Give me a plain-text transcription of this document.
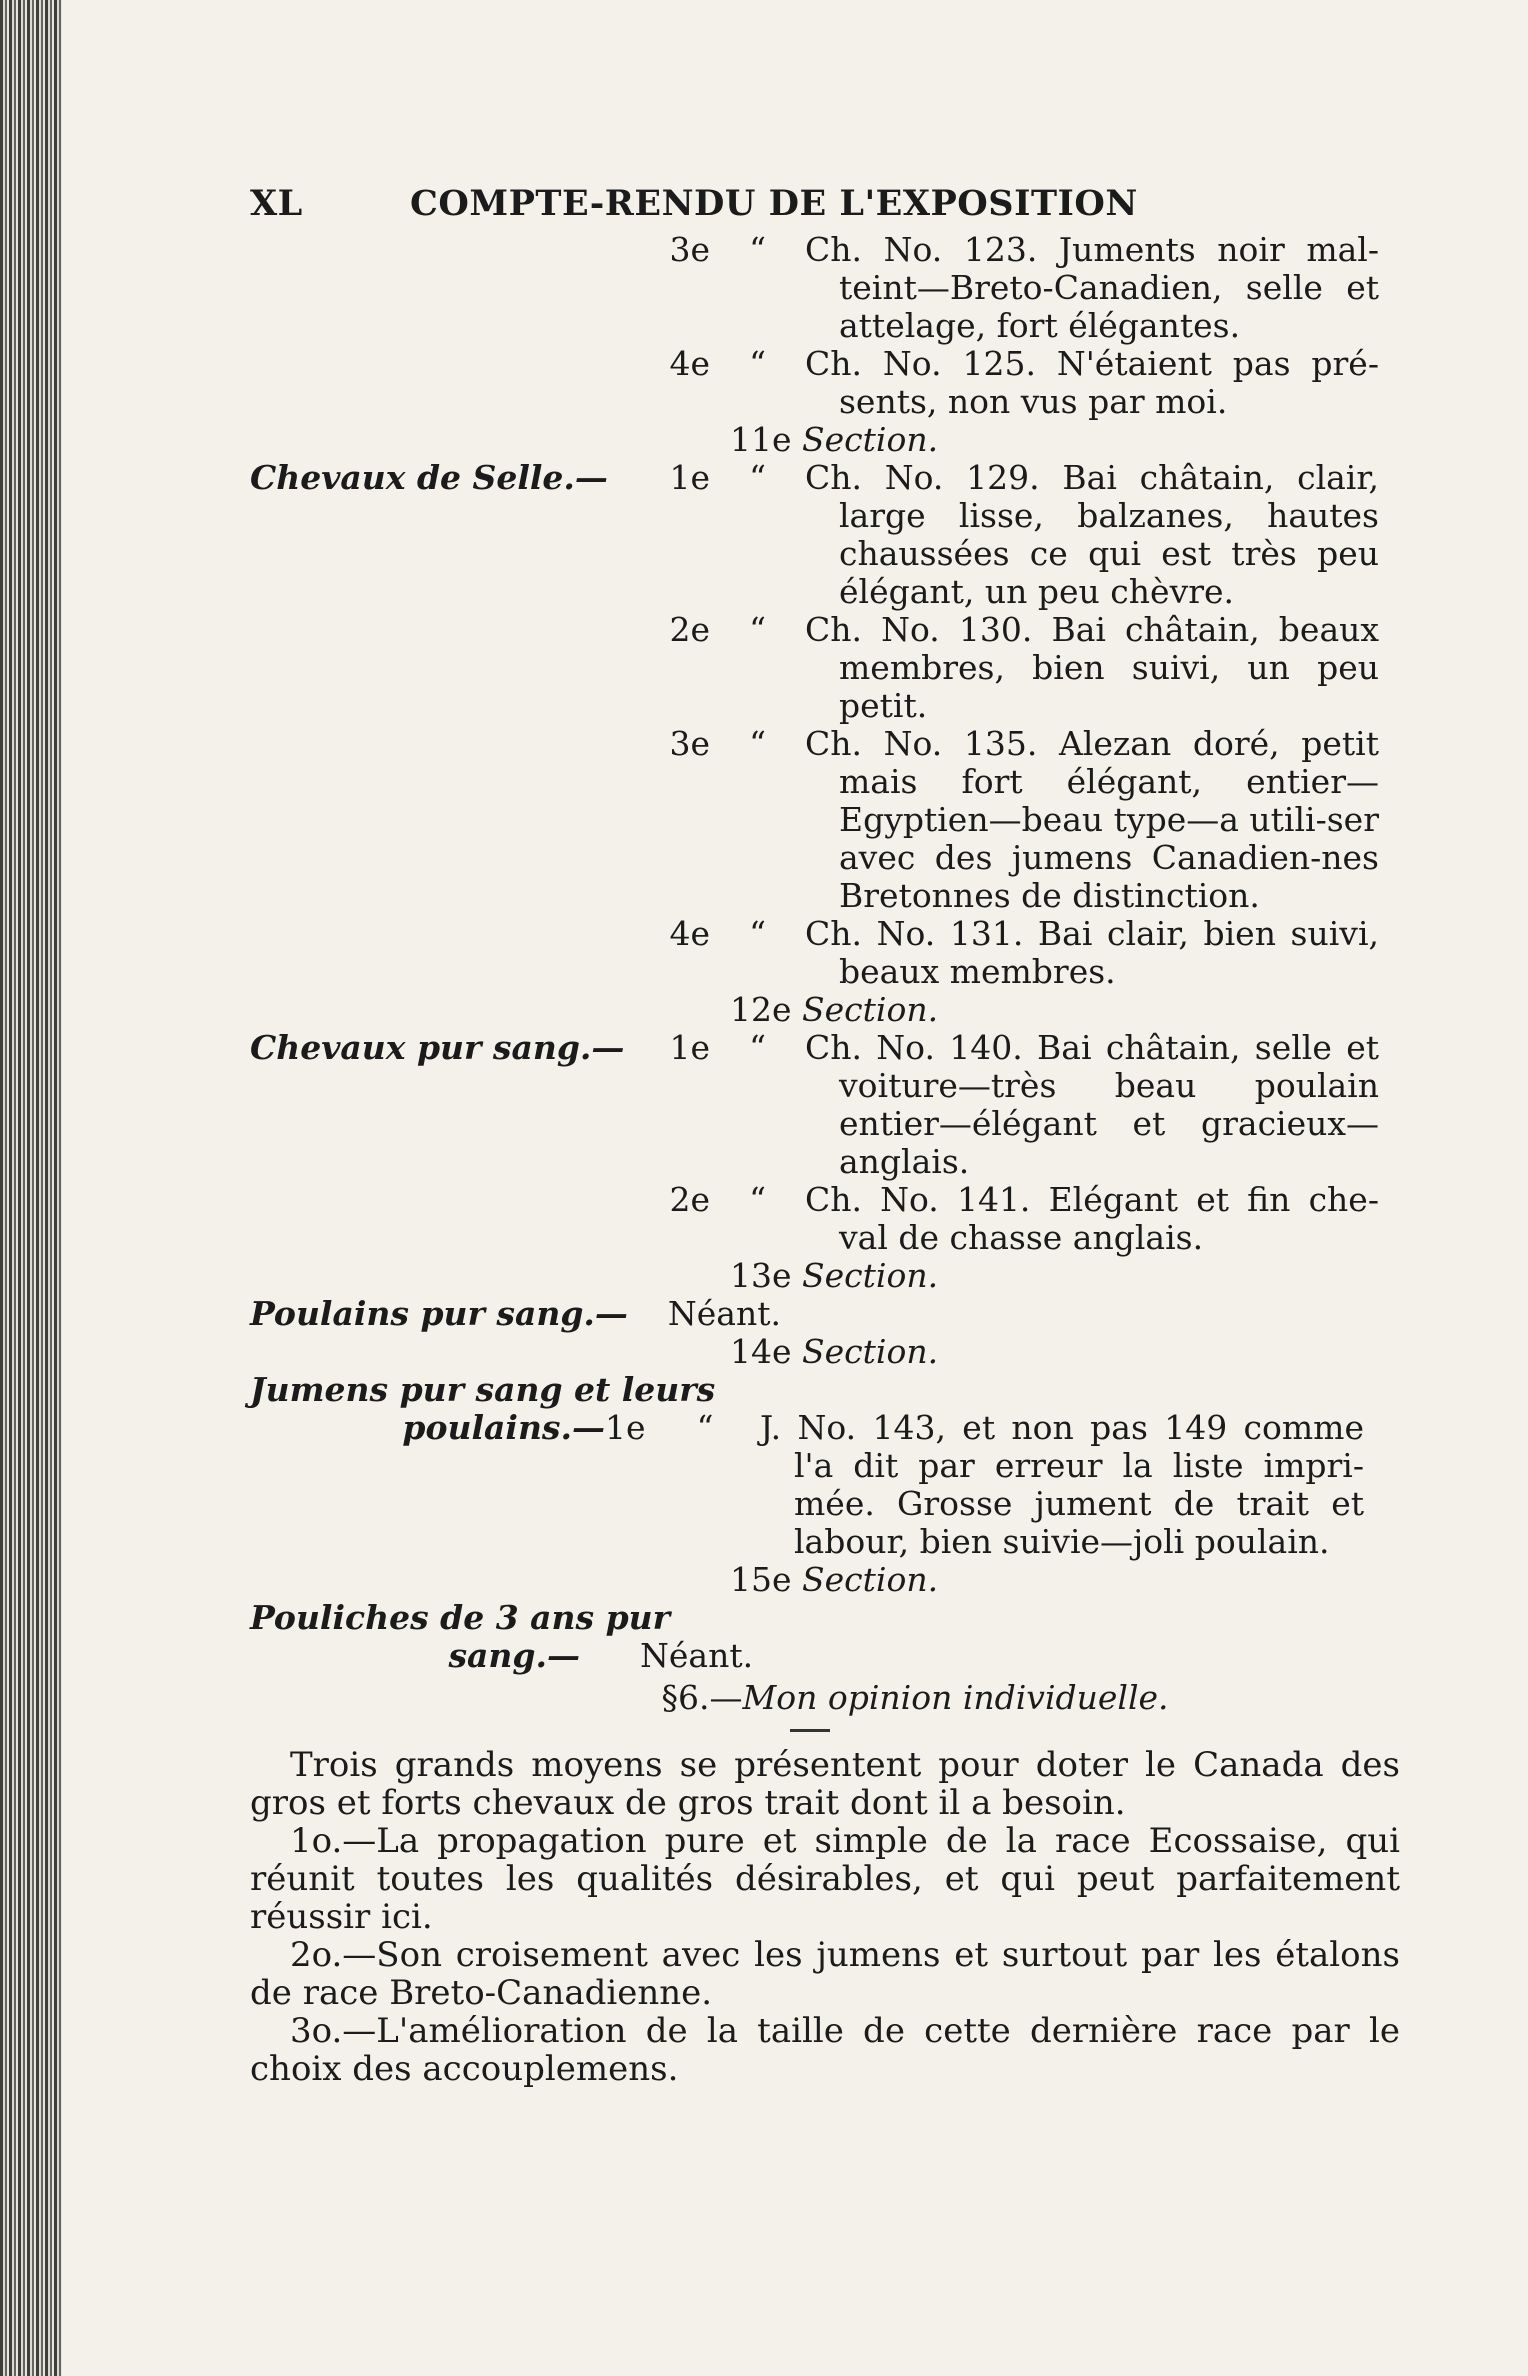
XL	COMPTE-RENDU DE L'EXPOSITION
3e	“	Ch. No. 123. Juments noir mal-teint—Breto-Canadien, selle et attelage, fort élégantes.
4e	“	Ch. No. 125. N'étaient pas pré-sents, non vus par moi.
11e Section.
Chevaux de Selle.—	1e	“	Ch. No. 129. Bai châtain, clair, large lisse, balzanes, hautes chaussées ce qui est très peu élégant, un peu chèvre.
2e	“	Ch. No. 130. Bai châtain, beaux membres, bien suivi, un peu petit.
3e	“	Ch. No. 135. Alezan doré, petit mais fort élégant, entier—Egyptien—beau type—a utili-ser avec des jumens Canadien-nes Bretonnes de distinction.
4e	“	Ch. No. 131. Bai clair, bien suivi, beaux membres.
12e Section.
Chevaux pur sang.—	1e	“	Ch. No. 140. Bai châtain, selle et voiture—très beau poulain entier—élégant et gracieux—anglais.
2e	“	Ch. No. 141. Elégant et fin che-val de chasse anglais.
13e Section.
Poulains pur sang.— Néant.
14e Section.
Jumens pur sang et leurs
poulains.— 1e	“	J. No. 143, et non pas 149 comme l'a dit par erreur la liste impri-mée. Grosse jument de trait et labour, bien suivie—joli poulain.
15e Section.
Pouliches de 3 ans pur
sang.— Néant.
§6.—Mon opinion individuelle.

Trois grands moyens se présentent pour doter le Canada des gros et forts chevaux de gros trait dont il a besoin.

1o.—La propagation pure et simple de la race Ecossaise, qui réunit toutes les qualités désirables, et qui peut parfaitement réussir ici.

2o.—Son croisement avec les jumens et surtout par les étalons de race Breto-Canadienne.

3o.—L'amélioration de la taille de cette dernière race par le choix des accouplemens.
